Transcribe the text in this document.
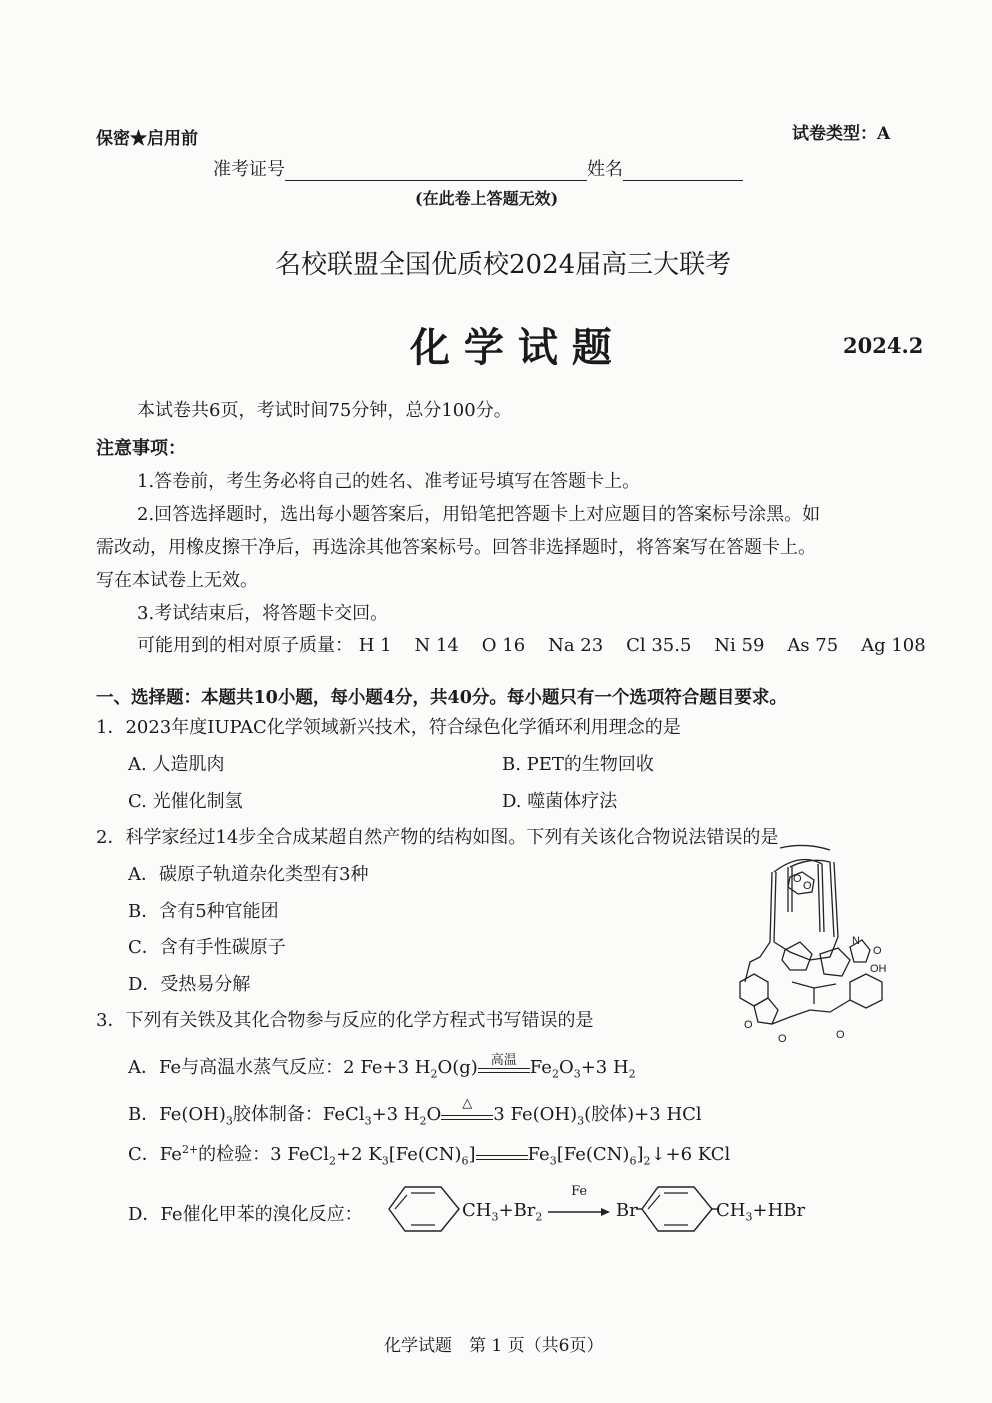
保密★启用前	试卷类型：A
准考证号	姓名
(在此卷上答题无效)
名校联盟全国优质校2024届高三大联考
化 学 试 题	2024.2
本试卷共6页，考试时间75分钟，总分100分。
注意事项：
1.答卷前，考生务必将自己的姓名、准考证号填写在答题卡上。
2.回答选择题时，选出每小题答案后，用铅笔把答题卡上对应题目的答案标号涂黑。如
需改动，用橡皮擦干净后，再选涂其他答案标号。回答非选择题时，将答案写在答题卡上。
写在本试卷上无效。
3.考试结束后，将答题卡交回。
可能用到的相对原子质量： H 1 N 14 O 16 Na 23 Cl 35.5 Ni 59 As 75 Ag 108
一、选择题：本题共10小题，每小题4分，共40分。每小题只有一个选项符合题目要求。
1．2023年度IUPAC化学领域新兴技术，符合绿色化学循环利用理念的是
A. 人造肌肉	B. PET的生物回收
C. 光催化制氢	D. 噬菌体疗法
2．科学家经过14步全合成某超自然产物的结构如图。下列有关该化合物说法错误的是
A．碳原子轨道杂化类型有3种
B．含有5种官能团
C．含有手性碳原子
D．受热易分解
O
O
N
OH
O
O
O	O
3．下列有关铁及其化合物参与反应的化学方程式书写错误的是
A．Fe与高温水蒸气反应：2 Fe+3 $H_2O(g)$ 高温 $Fe_2O_3+3$ $H_2$
B．$Fe(OH)_3$胶体制备：FeCl$_3$+3 $H_2O$
△
3 $Fe(OH)_3$(胶体)+3 HCl
C．$Fe^{2+}$的检验：3 FeCl$_2$+2 $K_3[Fe(CN)_6]$	$Fe_3[Fe(CN)_6]_2↓+6$ KCl
D．Fe催化甲苯的溴化反应：	$CH_3+Br_2$
Fe
Br	$CH_3+HBr$
化学试题　第 1 页（共6页）
